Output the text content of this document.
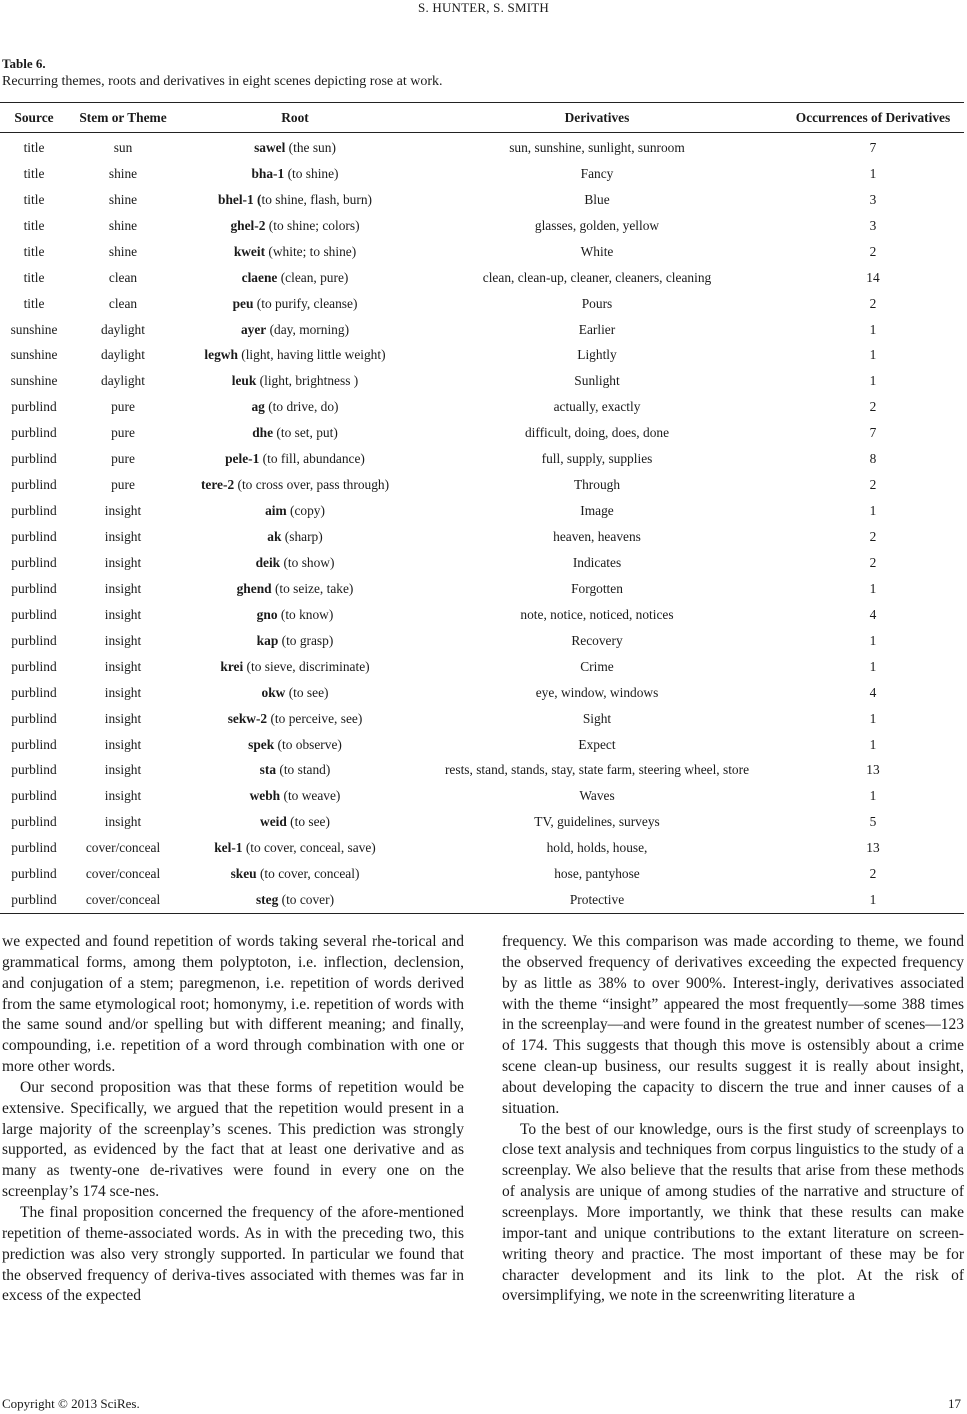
S. HUNTER, S. SMITH
Table 6.
Recurring themes, roots and derivatives in eight scenes depicting rose at work.
Source	Stem or Theme	Root	Derivatives	Occurrences of Derivatives
title	sun	sawel (the sun)	sun, sunshine, sunlight, sunroom	7
title	shine	bha-1 (to shine)	Fancy	1
title	shine	bhel-1 (to shine, flash, burn)	Blue	3
title	shine	ghel-2 (to shine; colors)	glasses, golden, yellow	3
title	shine	kweit (white; to shine)	White	2
title	clean	claene (clean, pure)	clean, clean-up, cleaner, cleaners, cleaning	14
title	clean	peu (to purify, cleanse)	Pours	2
sunshine	daylight	ayer (day, morning)	Earlier	1
sunshine	daylight	legwh (light, having little weight)	Lightly	1
sunshine	daylight	leuk (light, brightness )	Sunlight	1
purblind	pure	ag (to drive, do)	actually, exactly	2
purblind	pure	dhe (to set, put)	difficult, doing, does, done	7
purblind	pure	pele-1 (to fill, abundance)	full, supply, supplies	8
purblind	pure	tere-2 (to cross over, pass through)	Through	2
purblind	insight	aim (copy)	Image	1
purblind	insight	ak (sharp)	heaven, heavens	2
purblind	insight	deik (to show)	Indicates	2
purblind	insight	ghend (to seize, take)	Forgotten	1
purblind	insight	gno (to know)	note, notice, noticed, notices	4
purblind	insight	kap (to grasp)	Recovery	1
purblind	insight	krei (to sieve, discriminate)	Crime	1
purblind	insight	okw (to see)	eye, window, windows	4
purblind	insight	sekw-2 (to perceive, see)	Sight	1
purblind	insight	spek (to observe)	Expect	1
purblind	insight	sta (to stand)	rests, stand, stands, stay, state farm, steering wheel, store	13
purblind	insight	webh (to weave)	Waves	1
purblind	insight	weid (to see)	TV, guidelines, surveys	5
purblind	cover/conceal	kel-1 (to cover, conceal, save)	hold, holds, house,	13
purblind	cover/conceal	skeu (to cover, conceal)	hose, pantyhose	2
purblind	cover/conceal	steg (to cover)	Protective	1

we expected and found repetition of words taking several rhe-torical and grammatical forms, among them polyptoton, i.e. inflection, declension, and conjugation of a stem; paregmenon, i.e. repetition of words derived from the same etymological root; homonymy, i.e. repetition of words with the same sound and/or spelling but with different meaning; and finally, compounding, i.e. repetition of a word through combination with one or more other words.

Our second proposition was that these forms of repetition would be extensive. Specifically, we argued that the repetition would present in a large majority of the screenplay’s scenes. This prediction was strongly supported, as evidenced by the fact that at least one derivative and as many as twenty-one de-rivatives were found in every one on the screenplay’s 174 sce-nes.

The final proposition concerned the frequency of the afore-mentioned repetition of theme-associated words. As in with the preceding two, this prediction was also very strongly supported. In particular we found that the observed frequency of deriva-tives associated with themes was far in excess of the expected

frequency. We this comparison was made according to theme, we found the observed frequency of derivatives exceeding the expected frequency by as little as 38% to over 900%. Interest-ingly, derivatives associated with the theme “insight” appeared the most frequently—some 388 times in the screenplay—and were found in the greatest number of scenes—123 of 174. This suggests that though this move is ostensibly about a crime scene clean-up business, our results suggest it is really about insight, about developing the capacity to discern the true and inner causes of a situation.

To the best of our knowledge, ours is the first study of screenplays to close text analysis and techniques from corpus linguistics to the study of a screenplay. We also believe that the results that arise from these methods of analysis are unique of among studies of the narrative and structure of screenplays. More importantly, we think that these results can make impor-tant and unique contributions to the extant literature on screen-writing theory and practice. The most important of these may be for character development and its link to the plot. At the risk of oversimplifying, we note in the screenwriting literature a

Copyright © 2013 SciRes.	17
